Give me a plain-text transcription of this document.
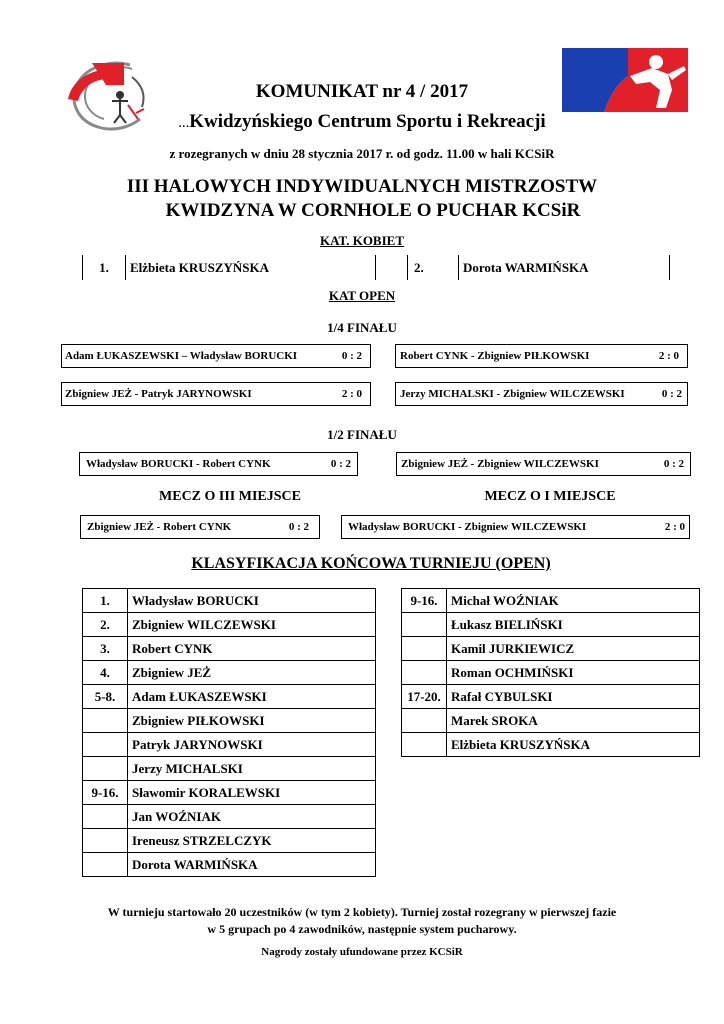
KOMUNIKAT nr 4 / 2017
…Kwidzyńskiego Centrum Sportu i Rekreacji
z rozegranych w dniu 28 stycznia 2017 r. od godz. 11.00 w hali KCSiR
III HALOWYCH INDYWIDUALNYCH MISTRZOSTW
KWIDZYNA W CORNHOLE O PUCHAR KCSiR
KAT. KOBIET
1.	Elżbieta KRUSZYŃSKA	2.	Dorota WARMIŃSKA
KAT OPEN
1/4 FINAŁU
Adam ŁUKASZEWSKI – Władysław BORUCKI	0 : 2	Robert CYNK - Zbigniew PIŁKOWSKI	2 : 0
Zbigniew JEŻ - Patryk JARYNOWSKI	2 : 0	Jerzy MICHALSKI - Zbigniew WILCZEWSKI	0 : 2
1/2 FINAŁU
Władysław BORUCKI - Robert CYNK	0 : 2	Zbigniew JEŻ - Zbigniew WILCZEWSKI	0 : 2
MECZ O III MIEJSCE	MECZ O I MIEJSCE
Zbigniew JEŻ - Robert CYNK	0 : 2	Władysław BORUCKI - Zbigniew WILCZEWSKI	2 : 0
KLASYFIKACJA KOŃCOWA TURNIEJU (OPEN)
1.	Władysław BORUCKI
2.	Zbigniew WILCZEWSKI
3.	Robert CYNK
4.	Zbigniew JEŻ
5-8.	Adam ŁUKASZEWSKI
	Zbigniew PIŁKOWSKI
	Patryk JARYNOWSKI
	Jerzy MICHALSKI
9-16.	Sławomir KORALEWSKI
	Jan WOŹNIAK
	Ireneusz STRZELCZYK
	Dorota WARMIŃSKA
9-16.	Michał WOŹNIAK
	Łukasz BIELIŃSKI
	Kamil JURKIEWICZ
	Roman OCHMIŃSKI
17-20.	Rafał CYBULSKI
	Marek SROKA
	Elżbieta KRUSZYŃSKA
W turnieju startowało 20 uczestników (w tym 2 kobiety). Turniej został rozegrany w pierwszej fazie
w 5 grupach po 4 zawodników, następnie system pucharowy.
Nagrody zostały ufundowane przez KCSiR
